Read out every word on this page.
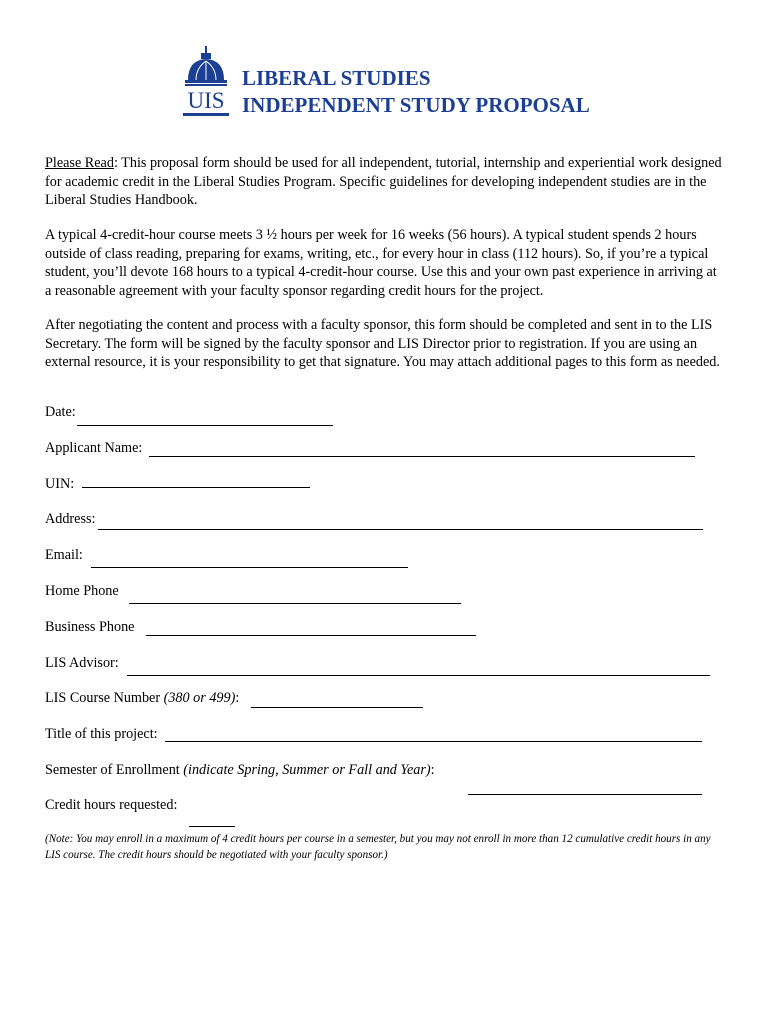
UIS
LIBERAL STUDIES
INDEPENDENT STUDY PROPOSAL
Please Read: This proposal form should be used for all independent, tutorial, internship and experiential work designed for academic credit in the Liberal Studies Program. Specific guidelines for developing independent studies are in the Liberal Studies Handbook.
A typical 4-credit-hour course meets 3 ½ hours per week for 16 weeks (56 hours). A typical student spends 2 hours outside of class reading, preparing for exams, writing, etc., for every hour in class (112 hours). So, if you’re a typical student, you’ll devote 168 hours to a typical 4-credit-hour course. Use this and your own past experience in arriving at a reasonable agreement with your faculty sponsor regarding credit hours for the project.
After negotiating the content and process with a faculty sponsor, this form should be completed and sent in to the LIS Secretary. The form will be signed by the faculty sponsor and LIS Director prior to registration. If you are using an external resource, it is your responsibility to get that signature. You may attach additional pages to this form as needed.
Date:
Applicant Name:
UIN:
Address:
Email:
Home Phone
Business Phone
LIS Advisor:
LIS Course Number (380 or 499):
Title of this project:
Semester of Enrollment (indicate Spring, Summer or Fall and Year):
Credit hours requested:
(Note: You may enroll in a maximum of 4 credit hours per course in a semester, but you may not enroll in more than 12 cumulative credit hours in any LIS course. The credit hours should be negotiated with your faculty sponsor.)
